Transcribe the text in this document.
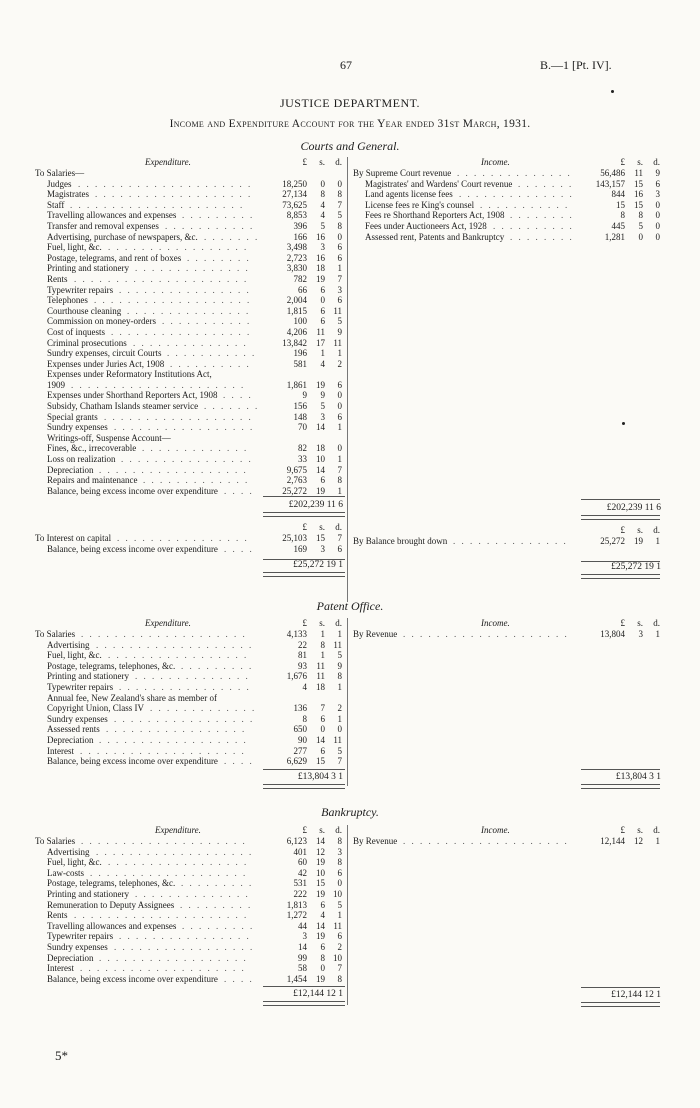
67	B.—1 [Pt. IV].
JUSTICE DEPARTMENT.
Income and Expenditure Account for the Year ended 31st March, 1931.
Courts and General.
Expenditure.	£	s.	d.
To Salaries—
Judges	18,250	0	0
. . . . . . . . . . . . . . . . . . . . .
Magistrates	27,134	8	8
. . . . . . . . . . . . . . . . . . .
Staff	73,625	4	7
. . . . . . . . . . . . . . . . . . . . .
Travelling allowances and expenses	8,853	4	5
. . . . . . . . .
Transfer and removal expenses	396	5	8
. . . . . . . . . . .
Advertising, purchase of newspapers, &c.	166	16	0
. . . . . . .
Fuel, light, &c.	3,498	3	6
. . . . . . . . . . . . . . . . .
Postage, telegrams, and rent of boxes	2,723	16	6
. . . . . . . .
Printing and stationery	3,830	18	1
. . . . . . . . . . . . . .
Rents	782	19	7
. . . . . . . . . . . . . . . . . . . . .
Typewriter repairs	66	6	3
. . . . . . . . . . . . . . . .
Telephones	2,004	0	6
. . . . . . . . . . . . . . . . . . .
Courthouse cleaning	1,815	6 11
. . . . . . . . . . . . . . .
Commission on money-orders	100	6	5
. . . . . . . . . . .
Cost of inquests	4,206	11	9
. . . . . . . . . . . . . . . . .
Criminal prosecutions	13,842	17 11
. . . . . . . . . . . . . .
Sundry expenses, circuit Courts	196	1	1
. . . . . . . . . . .
Expenses under Juries Act, 1908	581	4	2
. . . . . . . . . .
Expenses under Reformatory Institutions Act,
1909	1,861	19	6
. . . . . . . . . . . . . . . . . . . . .
Expenses under Shorthand Reporters Act, 1908	9	9	0
. . . .
Subsidy, Chatham Islands steamer service	156	5	0
. . . . . . .
Special grants	148	3	6
. . . . . . . . . . . . . . . . . .
Sundry expenses	70	14	1
. . . . . . . . . . . . . . . . .
Writings-off, Suspense Account—
Fines, &c., irrecoverable	82	18	0
. . . . . . . . . . . . .
Loss on realization	33	10	1
. . . . . . . . . . . . . . . .
Depreciation	9,675	14	7
. . . . . . . . . . . . . . . . . .
Repairs and maintenance	2,763	6	8
. . . . . . . . . . . . .
Balance, being excess income over expenditure	25,272	19	1
. . . .
£202,239 11 6
£	s.	d.
To Interest on capital	25,103	15	7
. . . . . . . . . . . . . . . .
Balance, being excess income over expenditure	169	3	6
. . . .
£25,272 19 1
Income.	£	s.	d.
By Supreme Court revenue	56,486	11	9
. . . . . . . . . . . . . .
Magistrates' and Wardens' Court revenue	143,157	15	6
. . . . . . .
Land agents license fees	844	16	3
. . . . . . . . . . . . . .
License fees re King's counsel	15	15	0
. . . . . . . . . . .
Fees re Shorthand Reporters Act, 1908	8	8	0
. . . . . . . .
Fees under Auctioneers Act, 1928	445	5	0
. . . . . . . . . .
Assessed rent, Patents and Bankruptcy	1,281	0	0
. . . . . . . .
£202,239 11 6
£	s.	d.
By Balance brought down	25,272	19	1
. . . . . . . . . . . . . .
£25,272 19 1
Patent Office.
Expenditure.	£	s.	d.
To Salaries	4,133	1	1
. . . . . . . . . . . . . . . . . . . .
Advertising	22	8 11
. . . . . . . . . . . . . . . . . . .
Fuel, light, &c.	81	1	5
. . . . . . . . . . . . . . . . .
Postage, telegrams, telephones, &c.	93	11	9
. . . . . . . . .
Printing and stationery	1,676	11	8
. . . . . . . . . . . . . .
Typewriter repairs	4	18	1
. . . . . . . . . . . . . . . .
Annual fee, New Zealand's share as member of
Copyright Union, Class IV	136	7	2
. . . . . . . . . . . . .
Sundry expenses	8	6	1
. . . . . . . . . . . . . . . . .
Assessed rents	650	0	0
. . . . . . . . . . . . . . . . .
Depreciation	90	14 11
. . . . . . . . . . . . . . . . . .
Interest	277	6	5
. . . . . . . . . . . . . . . . . . . .
Balance, being excess income over expenditure	6,629	15	7
. . . .
£13,804 3 1
Income.	£	s.	d.
By Revenue	13,804	3	1
. . . . . . . . . . . . . . . . . . . .
£13,804 3 1
Bankruptcy.
Expenditure.	£	s.	d.
To Salaries	6,123	14	8
. . . . . . . . . . . . . . . . . . . .
Advertising	401	12	3
. . . . . . . . . . . . . . . . . . .
Fuel, light, &c.	60	19	8
. . . . . . . . . . . . . . . . .
Law-costs	42	10	6
. . . . . . . . . . . . . . . . . . .
Postage, telegrams, telephones, &c.	531	15	0
. . . . . . . . .
Printing and stationery	222	19 10
. . . . . . . . . . . . . .
Remuneration to Deputy Assignees	1,813	6	5
. . . . . . . . .
Rents	1,272	4	1
. . . . . . . . . . . . . . . . . . . . .
Travelling allowances and expenses	44	14 11
. . . . . . . . .
Typewriter repairs	3	19	6
. . . . . . . . . . . . . . . .
Sundry expenses	14	6	2
. . . . . . . . . . . . . . . . .
Depreciation	99	8 10
. . . . . . . . . . . . . . . . . .
Interest	58	0	7
. . . . . . . . . . . . . . . . . . . .
Balance, being excess income over expenditure	1,454	19	8
. . . .
£12,144 12 1
Income.	£	s.	d.
By Revenue	12,144	12	1
. . . . . . . . . . . . . . . . . . . .
£12,144 12 1
5*
